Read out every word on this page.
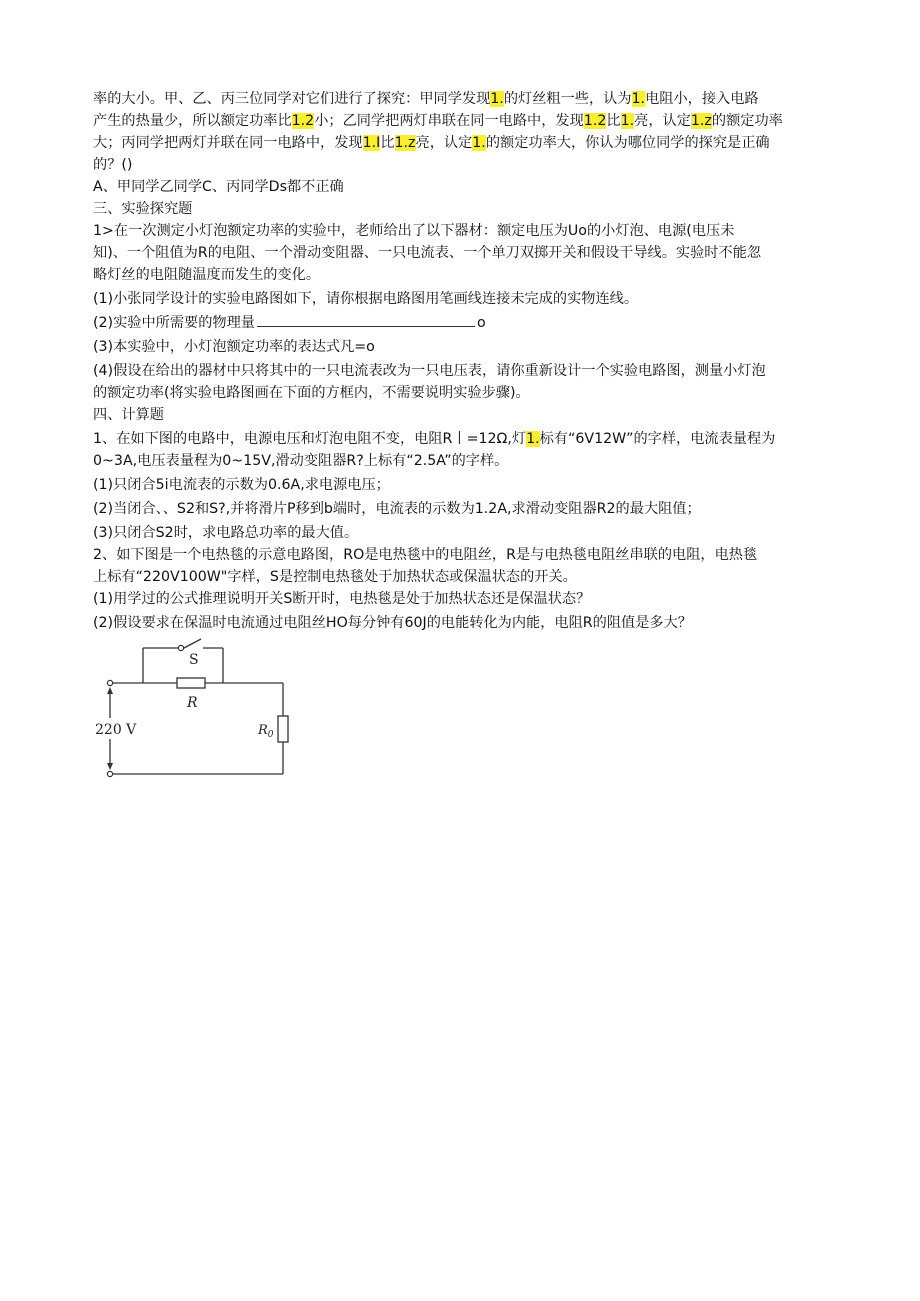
率的大小。甲、乙、丙三位同学对它们进行了探究：甲同学发现1.的灯丝粗一些，认为1.电阻小，接入电路
产生的热量少，所以额定功率比1.2小；乙同学把两灯串联在同一电路中，发现1.2比1.亮，认定1.z的额定功率
大；丙同学把两灯并联在同一电路中，发现1.I比1.z亮，认定1.的额定功率大，你认为哪位同学的探究是正确
的？()

A、甲同学乙同学C、丙同学Ds都不正确

三、实验探究题

1>在一次测定小灯泡额定功率的实验中，老师给出了以下器材：额定电压为Uo的小灯泡、电源(电压未
知)、一个阻值为R的电阻、一个滑动变阻器、一只电流表、一个单刀双掷开关和假设干导线。实验时不能忽
略灯丝的电阻随温度而发生的变化。

(1)小张同学设计的实验电路图如下，请你根据电路图用笔画线连接未完成的实物连线。

(2)实验中所需要的物理量	o

(3)本实验中，小灯泡额定功率的表达式凡=o

(4)假设在给出的器材中只将其中的一只电流表改为一只电压表，请你重新设计一个实验电路图，测量小灯泡
的额定功率(将实验电路图画在下面的方框内，不需要说明实验步骤)。

四、计算题

1、在如下图的电路中，电源电压和灯泡电阻不变，电阻R丨=12Ω,灯1.标有“6V12W”的字样，电流表量程为
0~3A,电压表量程为0~15V,滑动变阻器R?上标有“2.5A”的字样。

(1)只闭合5i电流表的示数为0.6A,求电源电压；

(2)当闭合、、S2和S?,并将滑片P移到b端时，电流表的示数为1.2A,求滑动变阻器R2的最大阻值；

(3)只闭合S2时，求电路总功率的最大值。

2、如下图是一个电热毯的示意电路图，RO是电热毯中的电阻丝，R是与电热毯电阻丝串联的电阻，电热毯
上标有“220V100W"字样，S是控制电热毯处于加热状态或保温状态的开关。

(1)用学过的公式推理说明开关S断开时，电热毯是处于加热状态还是保温状态？

(2)假设要求在保温时电流通过电阻丝HO每分钟有60J的电能转化为内能，电阻R的阻值是多大？

S
R
$R_0$
220 V
